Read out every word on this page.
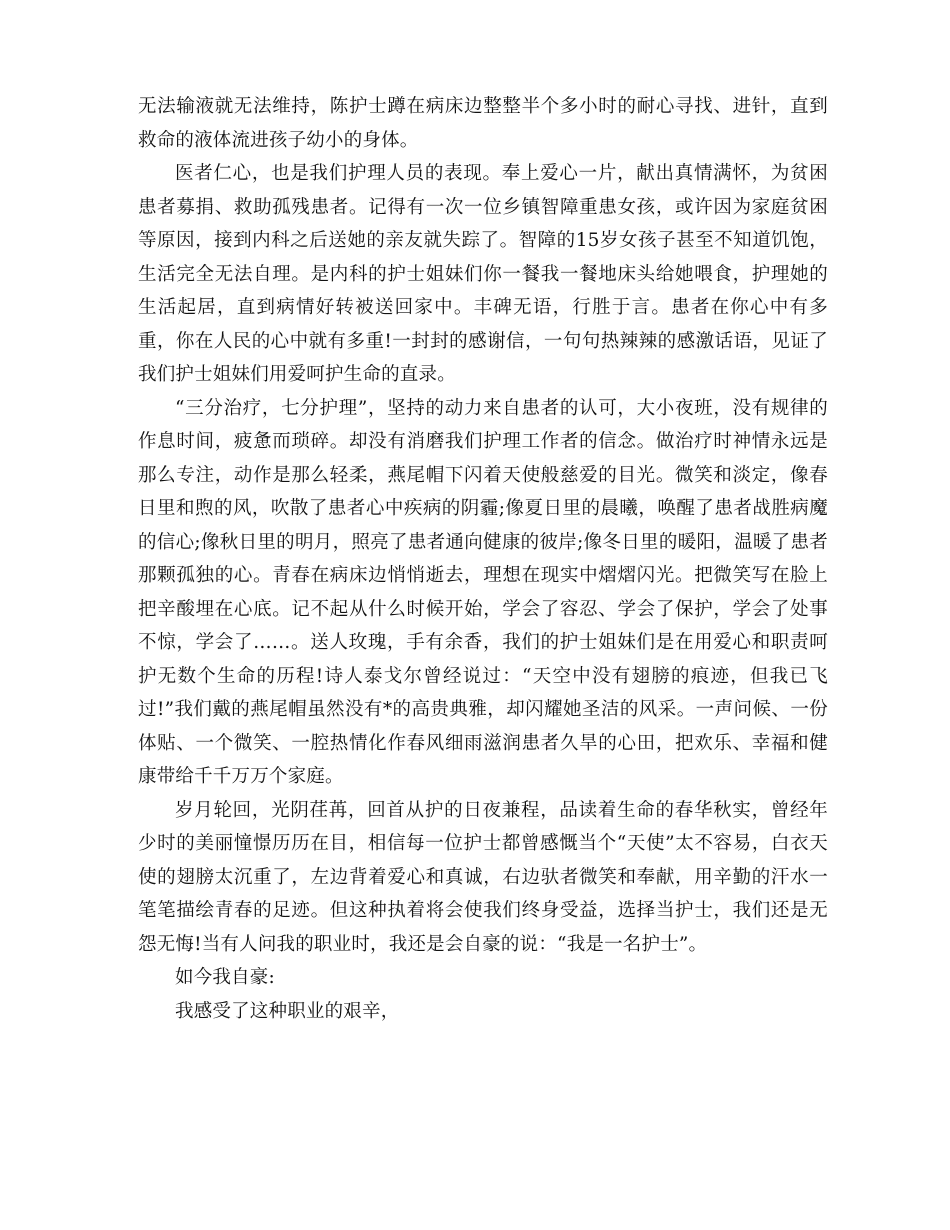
无法输液就无法维持，陈护士蹲在病床边整整半个多小时的耐心寻找、进针，直到救命的液体流进孩子幼小的身体。

医者仁心，也是我们护理人员的表现。奉上爱心一片，献出真情满怀，为贫困患者募捐、救助孤残患者。记得有一次一位乡镇智障重患女孩，或许因为家庭贫困等原因，接到内科之后送她的亲友就失踪了。智障的15岁女孩子甚至不知道饥饱，生活完全无法自理。是内科的护士姐妹们你一餐我一餐地床头给她喂食，护理她的生活起居，直到病情好转被送回家中。丰碑无语，行胜于言。患者在你心中有多重，你在人民的心中就有多重!一封封的感谢信，一句句热辣辣的感激话语，见证了我们护士姐妹们用爱呵护生命的直录。

“三分治疗，七分护理”，坚持的动力来自患者的认可，大小夜班，没有规律的作息时间，疲惫而琐碎。却没有消磨我们护理工作者的信念。做治疗时神情永远是那么专注，动作是那么轻柔，燕尾帽下闪着天使般慈爱的目光。微笑和淡定，像春日里和煦的风，吹散了患者心中疾病的阴霾;像夏日里的晨曦，唤醒了患者战胜病魔的信心;像秋日里的明月，照亮了患者通向健康的彼岸;像冬日里的暖阳，温暖了患者那颗孤独的心。青春在病床边悄悄逝去，理想在现实中熠熠闪光。把微笑写在脸上把辛酸埋在心底。记不起从什么时候开始，学会了容忍、学会了保护，学会了处事不惊，学会了……。送人玫瑰，手有余香，我们的护士姐妹们是在用爱心和职责呵护无数个生命的历程!诗人泰戈尔曾经说过：“天空中没有翅膀的痕迹，但我已飞过!”我们戴的燕尾帽虽然没有*的高贵典雅，却闪耀她圣洁的风采。一声问候、一份体贴、一个微笑、一腔热情化作春风细雨滋润患者久旱的心田，把欢乐、幸福和健康带给千千万万个家庭。

岁月轮回，光阴荏苒，回首从护的日夜兼程，品读着生命的春华秋实，曾经年少时的美丽憧憬历历在目，相信每一位护士都曾感慨当个“天使”太不容易，白衣天使的翅膀太沉重了，左边背着爱心和真诚，右边驮者微笑和奉献，用辛勤的汗水一笔笔描绘青春的足迹。但这种执着将会使我们终身受益，选择当护士，我们还是无怨无悔!当有人问我的职业时，我还是会自豪的说：“我是一名护士”。

如今我自豪:

我感受了这种职业的艰辛，
